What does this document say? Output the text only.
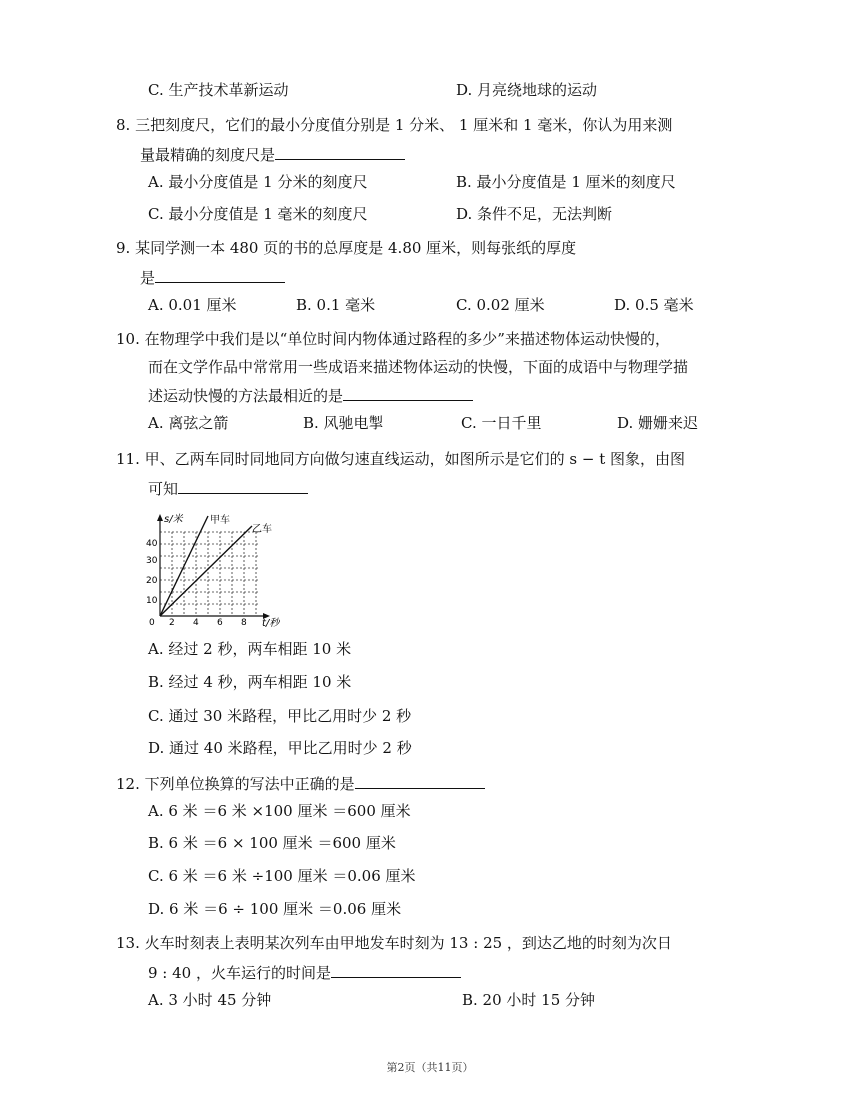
C. 生产技术革新运动	D. 月亮绕地球的运动
8. 三把刻度尺，它们的最小分度值分别是 1 分米、 1 厘米和 1 毫米，你认为用来测
量最精确的刻度尺是
A. 最小分度值是 1 分米的刻度尺	B. 最小分度值是 1 厘米的刻度尺
C. 最小分度值是 1 毫米的刻度尺	D. 条件不足，无法判断
9. 某同学测一本 480 页的书的总厚度是 4.80 厘米，则每张纸的厚度
是
A. 0.01 厘米	B. 0.1 毫米	C. 0.02 厘米	D. 0.5 毫米
10. 在物理学中我们是以“单位时间内物体通过路程的多少”来描述物体运动快慢的，
而在文学作品中常常用一些成语来描述物体运动的快慢，下面的成语中与物理学描
述运动快慢的方法最相近的是
A. 离弦之箭	B. 风驰电掣	C. 一日千里	D. 姗姗来迟
11. 甲、乙两车同时同地同方向做匀速直线运动，如图所示是它们的 s − t 图象，由图
可知
s/米	甲车
乙车
0
10
20
30
40
2 4 6 8 t/秒
A. 经过 2 秒，两车相距 10 米
B. 经过 4 秒，两车相距 10 米
C. 通过 30 米路程，甲比乙用时少 2 秒
D. 通过 40 米路程，甲比乙用时少 2 秒
12. 下列单位换算的写法中正确的是
A. 6 米 ＝6 米 ×100 厘米 ＝600 厘米
B. 6 米 ＝6 × 100 厘米 ＝600 厘米
C. 6 米 ＝6 米 ÷100 厘米 ＝0.06 厘米
D. 6 米 ＝6 ÷ 100 厘米 ＝0.06 厘米
13. 火车时刻表上表明某次列车由甲地发车时刻为 13 : 25 ，到达乙地的时刻为次日
9 : 40 ，火车运行的时间是
A. 3 小时 45 分钟	B. 20 小时 15 分钟
第2页（共11页）
